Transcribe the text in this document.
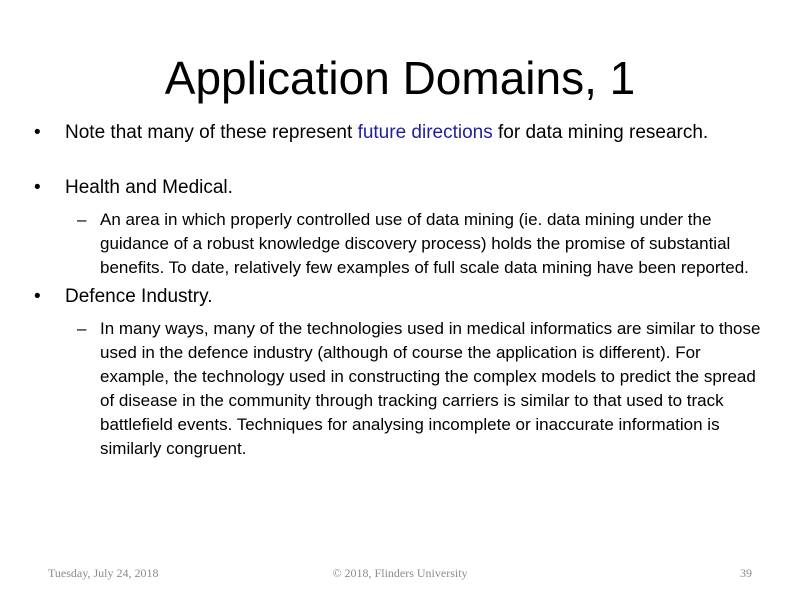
Application Domains, 1
•	Note that many of these represent future directions for data mining research.
•	Health and Medical.
– An area in which properly controlled use of data mining (ie. data mining under the guidance of a robust knowledge discovery process) holds the promise of substantial benefits. To date, relatively few examples of full scale data mining have been reported.
•	Defence Industry.
– In many ways, many of the technologies used in medical informatics are similar to those used in the defence industry (although of course the application is different). For example, the technology used in constructing the complex models to predict the spread of disease in the community through tracking carriers is similar to that used to track battlefield events. Techniques for analysing incomplete or inaccurate information is similarly congruent.
Tuesday, July 24, 2018	© 2018, Flinders University	39
